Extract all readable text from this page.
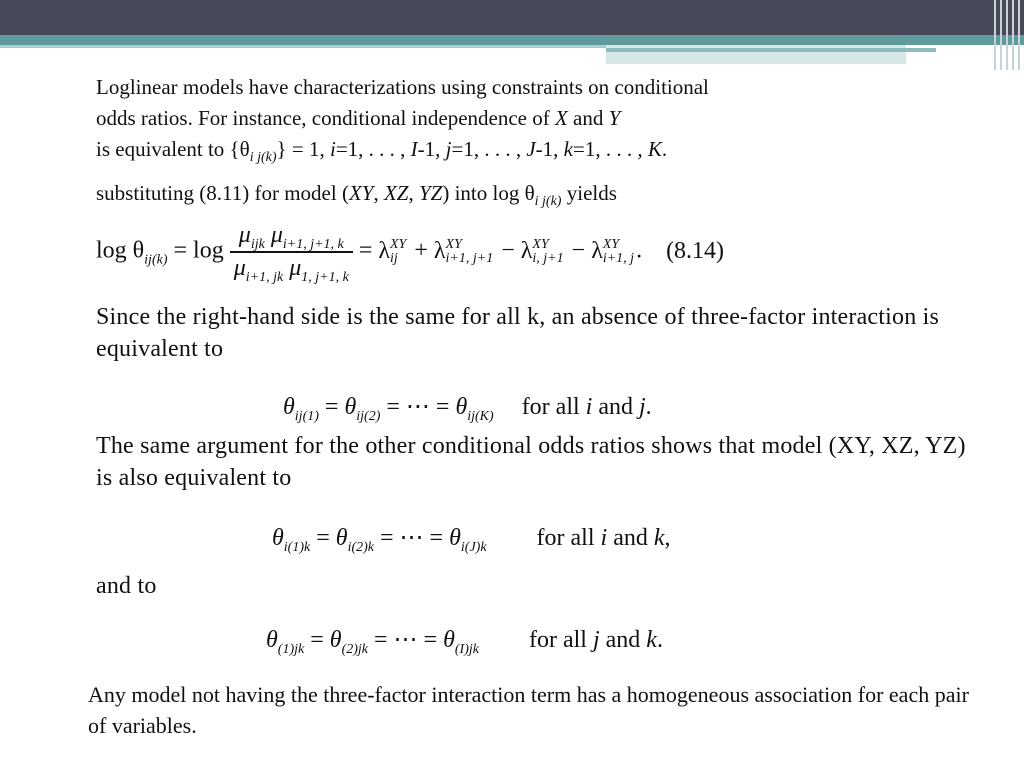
Loglinear models have characterizations using constraints on conditional
odds ratios. For instance, conditional independence of X and Y
is equivalent to $\{\theta_{i j(k)}\} = 1$, i=1, . . . , I-1, j=1, . . . , J-1, k=1, . . . , K.
substituting (8.11) for model (XY, XZ, YZ) into $\log \theta_{i j(k)}$ yields
$\log \theta_{ij(k)} = \log \frac{\mu_{ijk} \mu_{i+1, j+1, k}}{\mu_{i+1, jk} \mu_{1, j+1, k}} = \lambda$ XY
ij + λ XY
i+1, j+1 − λ XY
i, j+1 − λ XY
i+1, j . (8.14)
Since the right-hand side is the same for all k, an absence of three-factor interaction is equivalent to
$\theta_{ij(1)} = \theta_{ij(2)}$ = ⋯ = $\theta_{ij(K)}$ for all i and j.
The same argument for the other conditional odds ratios shows that model (XY, XZ, YZ) is also equivalent to
$\theta_{i(1)k} = \theta_{i(2)k}$ = ⋯ = $\theta_{i(J)k}$ for all i and k,
and to
$\theta_{(1)jk} = \theta_{(2)jk}$ = ⋯ = $\theta_{(I)jk}$ for all j and k.
Any model not having the three-factor interaction term has a homogeneous association for each pair of variables.
